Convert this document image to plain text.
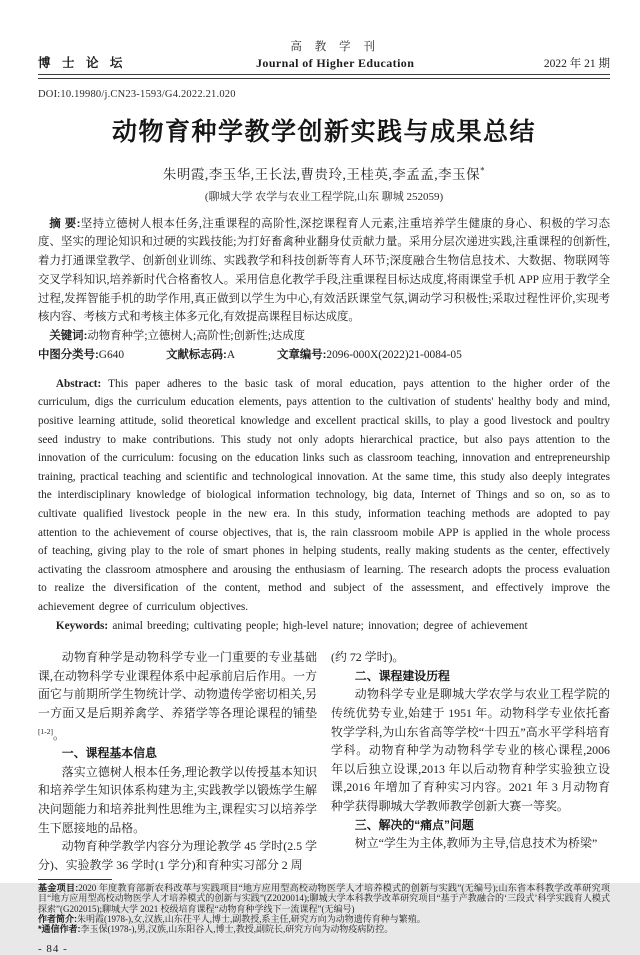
博 士 论 坛
高 教 学 刊
Journal of Higher Education	2022 年 21 期
DOI:10.19980/j.CN23-1593/G4.2022.21.020
动物育种学教学创新实践与成果总结
朱明霞,李玉华,王长法,曹贵玲,王桂英,李孟孟,李玉保*
(聊城大学 农学与农业工程学院,山东 聊城 252059)

摘 要:坚持立德树人根本任务,注重课程的高阶性,深挖课程育人元素,注重培养学生健康的身心、积极的学习态度、坚实的理论知识和过硬的实践技能;为打好畜禽种业翻身仗贡献力量。采用分层次递进实践,注重课程的创新性,着力打通课堂教学、创新创业训练、实践教学和科技创新等育人环节;深度融合生物信息技术、大数据、物联网等交叉学科知识,培养新时代合格畜牧人。采用信息化教学手段,注重课程目标达成度,将雨课堂手机 APP 应用于教学全过程,发挥智能手机的助学作用,真正做到以学生为中心,有效活跃课堂气氛,调动学习积极性;采取过程性评价,实现考核内容、考核方式和考核主体多元化,有效提高课程目标达成度。

关键词:动物育种学;立德树人;高阶性;创新性;达成度

中图分类号:G640	文献标志码:A	文章编号:2096-000X(2022)21-0084-05

Abstract: This paper adheres to the basic task of moral education, pays attention to the higher order of the curriculum, digs the curriculum education elements, pays attention to the cultivation of students' healthy body and mind, positive learning attitude, solid theoretical knowledge and excellent practical skills, to play a good livestock and poultry seed industry to make contributions. This study not only adopts hierarchical practice, but also pays attention to the innovation of the curriculum: focusing on the education links such as classroom teaching, innovation and entrepreneurship training, practical teaching and scientific and technological innovation. At the same time, this study also deeply integrates the interdisciplinary knowledge of biological information technology, big data, Internet of Things and so on, so as to cultivate qualified livestock people in the new era. In this study, information teaching methods are adopted to pay attention to the achievement of course objectives, that is, the rain classroom mobile APP is applied in the whole process of teaching, giving play to the role of smart phones in helping students, really making students as the center, effectively activating the classroom atmosphere and arousing the enthusiasm of learning. The research adopts the process evaluation to realize the diversification of the content, method and subject of the assessment, and effectively improve the achievement degree of curriculum objectives.

Keywords: animal breeding; cultivating people; high-level nature; innovation; degree of achievement

动物育种学是动物科学专业一门重要的专业基础课,在动物科学专业课程体系中起承前启后作用。一方面它与前期所学生物统计学、动物遗传学密切相关,另一方面又是后期养禽学、养猪学等各理论课程的铺垫[1-2]。

一、课程基本信息

落实立德树人根本任务,理论教学以传授基本知识和培养学生知识体系构建为主,实践教学以锻炼学生解决问题能力和培养批判性思维为主,课程实习以培养学生下愿接地的品格。

动物育种学教学内容分为理论教学 45 学时(2.5 学分)、实验教学 36 学时(1 学分)和育种实习部分 2 周

(约 72 学时)。

二、课程建设历程

动物科学专业是聊城大学农学与农业工程学院的传统优势专业,始建于 1951 年。动物科学专业依托畜牧学学科,为山东省高等学校“十四五”高水平学科培育学科。动物育种学为动物科学专业的核心课程,2006 年以后独立设课,2013 年以后动物育种学实验独立设课,2016 年增加了育种实习内容。2021 年 3 月动物育种学获得聊城大学教师教学创新大赛一等奖。

三、解决的“痛点”问题

树立“学生为主体,教师为主导,信息技术为桥梁”

基金项目:2020 年度教育部新农科改革与实践项目“地方应用型高校动物医学人才培养模式的创新与实践”(无编号);山东省本科教学改革研究项目“地方应用型高校动物医学人才培养模式的创新与实践”(Z2020014);聊城大学本科教学改革研究项目“基于产教融合的‘三段式’科学实践育人模式探索”(G202015);聊城大学 2021 校级培育课程“动物育种学线下一流课程”(无编号)

作者简介:朱明霞(1978-),女,汉族,山东茌平人,博士,副教授,系主任,研究方向为动物遗传育种与繁殖。

*通信作者:李玉保(1978-),男,汉族,山东阳谷人,博士,教授,副院长,研究方向为动物疫病防控。

- 84 -
